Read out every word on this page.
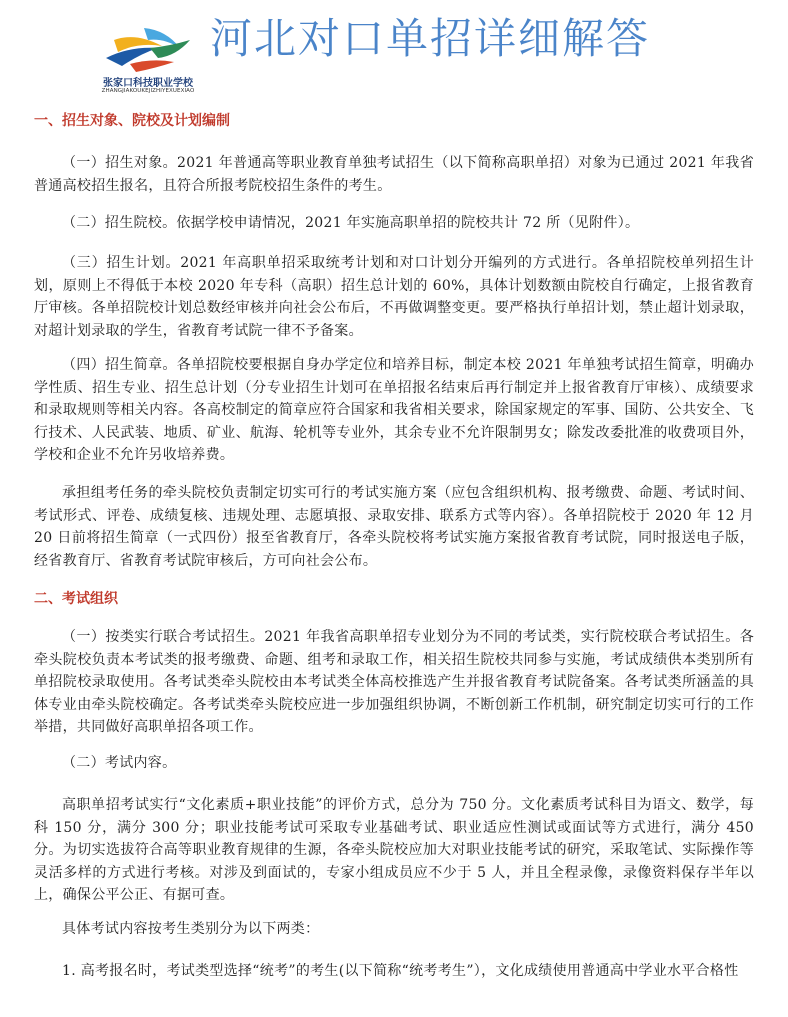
张家口科技职业学校
ZHANGJIAKOUKEJIZHIYEXUEXIAO
河北对口单招详细解答

一、招生对象、院校及计划编制

（一）招生对象。2021 年普通高等职业教育单独考试招生（以下简称高职单招）对象为已通过 2021 年我省普通高校招生报名，且符合所报考院校招生条件的考生。

（二）招生院校。依据学校申请情况，2021 年实施高职单招的院校共计 72 所（见附件）。

（三）招生计划。2021 年高职单招采取统考计划和对口计划分开编列的方式进行。各单招院校单列招生计划，原则上不得低于本校 2020 年专科（高职）招生总计划的 60%，具体计划数额由院校自行确定，上报省教育厅审核。各单招院校计划总数经审核并向社会公布后，不再做调整变更。要严格执行单招计划，禁止超计划录取，对超计划录取的学生，省教育考试院一律不予备案。

（四）招生简章。各单招院校要根据自身办学定位和培养目标，制定本校 2021 年单独考试招生简章，明确办学性质、招生专业、招生总计划（分专业招生计划可在单招报名结束后再行制定并上报省教育厅审核）、成绩要求和录取规则等相关内容。各高校制定的简章应符合国家和我省相关要求，除国家规定的军事、国防、公共安全、飞行技术、人民武装、地质、矿业、航海、轮机等专业外，其余专业不允许限制男女；除发改委批准的收费项目外，学校和企业不允许另收培养费。

承担组考任务的牵头院校负责制定切实可行的考试实施方案（应包含组织机构、报考缴费、命题、考试时间、考试形式、评卷、成绩复核、违规处理、志愿填报、录取安排、联系方式等内容）。各单招院校于 2020 年 12 月 20 日前将招生简章（一式四份）报至省教育厅，各牵头院校将考试实施方案报省教育考试院，同时报送电子版，经省教育厅、省教育考试院审核后，方可向社会公布。

二、考试组织

（一）按类实行联合考试招生。2021 年我省高职单招专业划分为不同的考试类，实行院校联合考试招生。各牵头院校负责本考试类的报考缴费、命题、组考和录取工作，相关招生院校共同参与实施，考试成绩供本类别所有单招院校录取使用。各考试类牵头院校由本考试类全体高校推选产生并报省教育考试院备案。各考试类所涵盖的具体专业由牵头院校确定。各考试类牵头院校应进一步加强组织协调，不断创新工作机制，研究制定切实可行的工作举措，共同做好高职单招各项工作。

（二）考试内容。

高职单招考试实行“文化素质+职业技能”的评价方式，总分为 750 分。文化素质考试科目为语文、数学，每科 150 分，满分 300 分；职业技能考试可采取专业基础考试、职业适应性测试或面试等方式进行，满分 450 分。为切实选拔符合高等职业教育规律的生源，各牵头院校应加大对职业技能考试的研究，采取笔试、实际操作等灵活多样的方式进行考核。对涉及到面试的，专家小组成员应不少于 5 人，并且全程录像，录像资料保存半年以上，确保公平公正、有据可查。

具体考试内容按考生类别分为以下两类：

1. 高考报名时，考试类型选择“统考”的考生(以下简称“统考考生”），文化成绩使用普通高中学业水平合格性
